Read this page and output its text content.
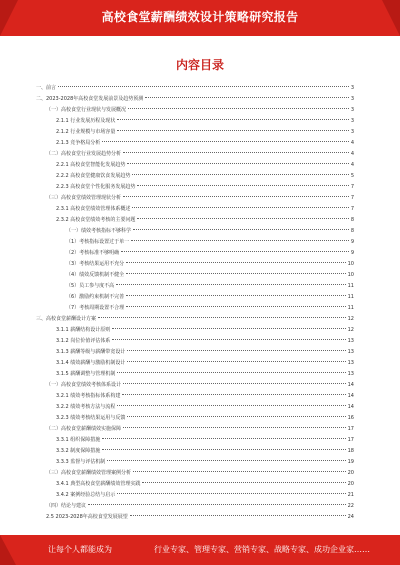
高校食堂薪酬绩效设计策略研究报告
内容目录
一、前言	3
二、2023-2028年高校食堂发展前景及趋势预测	3
（一）高校食堂行业现状与发展概况	3
2.1.1 行业发展历程及现状	3
2.1.2 行业规模与市场容量	3
2.1.3 竞争格局分析	4
（二）高校食堂行业发展趋势分析	4
2.2.1 高校食堂智能化发展趋势	4
2.2.2 高校食堂健康饮食发展趋势	5
2.2.3 高校食堂个性化服务发展趋势	7
（三）高校食堂绩效管理现状分析	7
2.3.1 高校食堂绩效管理体系概述	7
2.3.2 高校食堂绩效考核的主要问题	8
（一）绩效考核指标不够科学	8
（1）考核指标设置过于单一	9
（2）考核标准不够明确	9
（3）考核结果运用不充分	10
（4）绩效反馈机制不健全	10
（5）员工参与度不高	11
（6）激励约束机制不完善	11
（7）考核周期设置不合理	11
三、高校食堂薪酬设计方案	12
3.1.1 薪酬结构设计原则	12
3.1.2 岗位价值评估体系	13
3.1.3 薪酬等级与薪酬带宽设计	13
3.1.4 绩效薪酬与激励机制设计	13
3.1.5 薪酬调整与管理机制	13
（一）高校食堂绩效考核体系设计	14
3.2.1 绩效考核指标体系构建	14
3.2.2 绩效考核方法与流程	14
3.2.3 绩效考核结果运用与反馈	16
（二）高校食堂薪酬绩效实施保障	17
3.3.1 组织保障措施	17
3.3.2 制度保障措施	18
3.3.3 监督与评估机制	19
（三）高校食堂薪酬绩效管理案例分析	20
3.4.1 典型高校食堂薪酬绩效管理实践	20
3.4.2 案例经验总结与启示	21
（四）结论与建议	22
2.5 2023-2028年高校食堂发展展望	24
让每个人都能成为	行业专家、管理专家、营销专家、战略专家、成功企业家……
